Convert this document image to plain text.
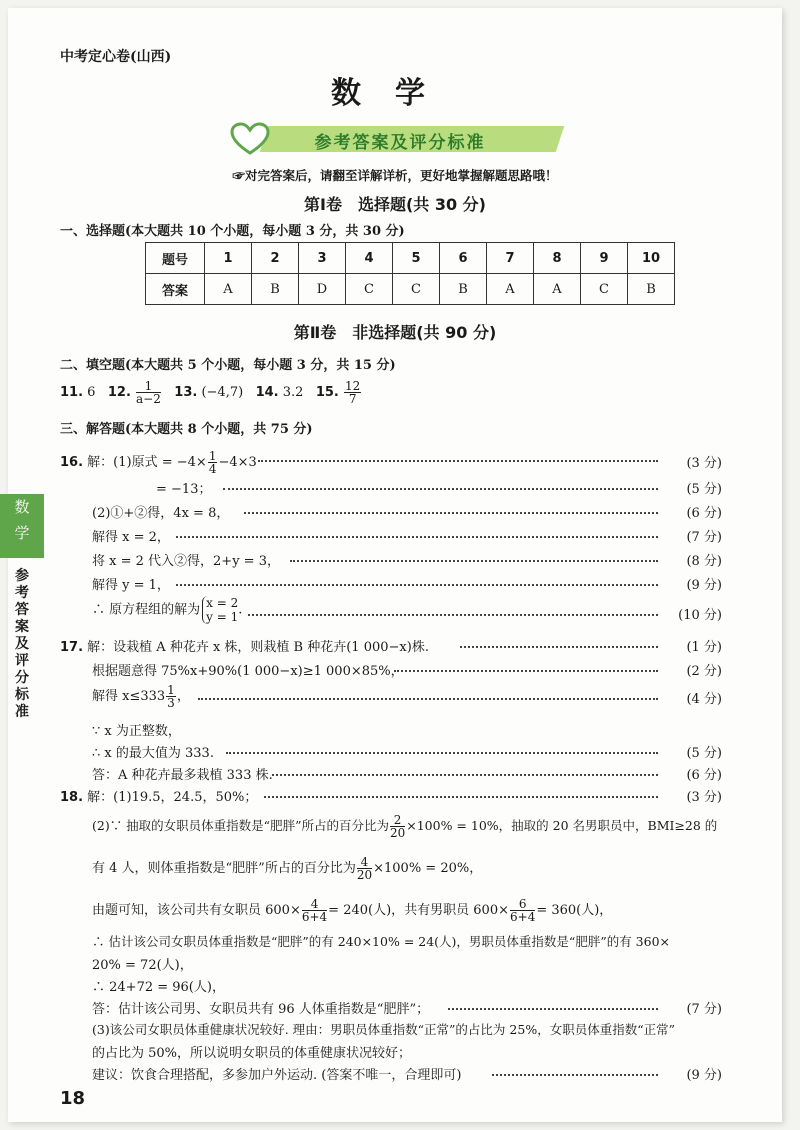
中考定心卷(山西)
数学
参考答案及评分标准
☞对完答案后，请翻至详解详析，更好地掌握解题思路哦！
第Ⅰ卷　选择题(共 30 分)
一、选择题(本大题共 10 个小题，每小题 3 分，共 30 分)
题号	1	2	3	4	5	6	7	8	9	10
答案	A	B	D	C	C	B	A	A	C	B
第Ⅱ卷　非选择题(共 90 分)
二、填空题(本大题共 5 个小题，每小题 3 分，共 15 分)
11. 6 12. $\frac{1}{a-2} 13$. (−4,7) 14. 3.2 15. $\frac{12}{7}$
三、解答题(本大题共 8 个小题，共 75 分)
16. 解：(1)原式 = $-4\times \frac{1}{4} -4\times 3$	(3 分)
= −13；	(5 分)
(2)①+②得，4x = 8，	(6 分)
解得 x = 2，	(7 分)
将 x = 2 代入②得，2+y = 3，	(8 分)
解得 y = 1，	(9 分)
∴ 原方程组的解为 x = 2
y = 1 .	(10 分)
17. 解：设栽植 A 种花卉 x 株，则栽植 B 种花卉(1 000−x)株.	(1 分)
根据题意得 75%x+90%(1 000−x)≥1 000×85%，	(2 分)
解得 $x\le 333 \frac{1}{3}$ ，	(4 分)
∵ x 为正整数，
∴ x 的最大值为 333.	(5 分)
答：A 种花卉最多栽植 333 株.	(6 分)
18. 解：(1)19.5，24.5，50%；	(3 分)
(2)∵ 抽取的女职员体重指数是“肥胖”所占的百分比为 $\frac{2}{20} \times 100\% = 10\%$，抽取的 20 名男职员中，BMI≥28 的
有 4 人，则体重指数是“肥胖”所占的百分比为 $\frac{4}{20} \times 100\% = 20\%$，
由题可知，该公司共有女职员 $600\times \frac{4}{6+4} = 240$(人)，共有男职员 $600\times \frac{6}{6+4} = 360$(人)，
∴ 估计该公司女职员体重指数是“肥胖”的有 240×10% = 24(人)，男职员体重指数是“肥胖”的有 360×
20% = 72(人)，
∴ 24+72 = 96(人)，
答：估计该公司男、女职员共有 96 人体重指数是“肥胖”；	(7 分)
(3)该公司女职员体重健康状况较好. 理由：男职员体重指数“正常”的占比为 25%，女职员体重指数“正常”
的占比为 50%，所以说明女职员的体重健康状况较好；
建议：饮食合理搭配，多参加户外运动. (答案不唯一，合理即可)	(9 分)
18
数
学
参
考
答
案
及
评
分
标
准
